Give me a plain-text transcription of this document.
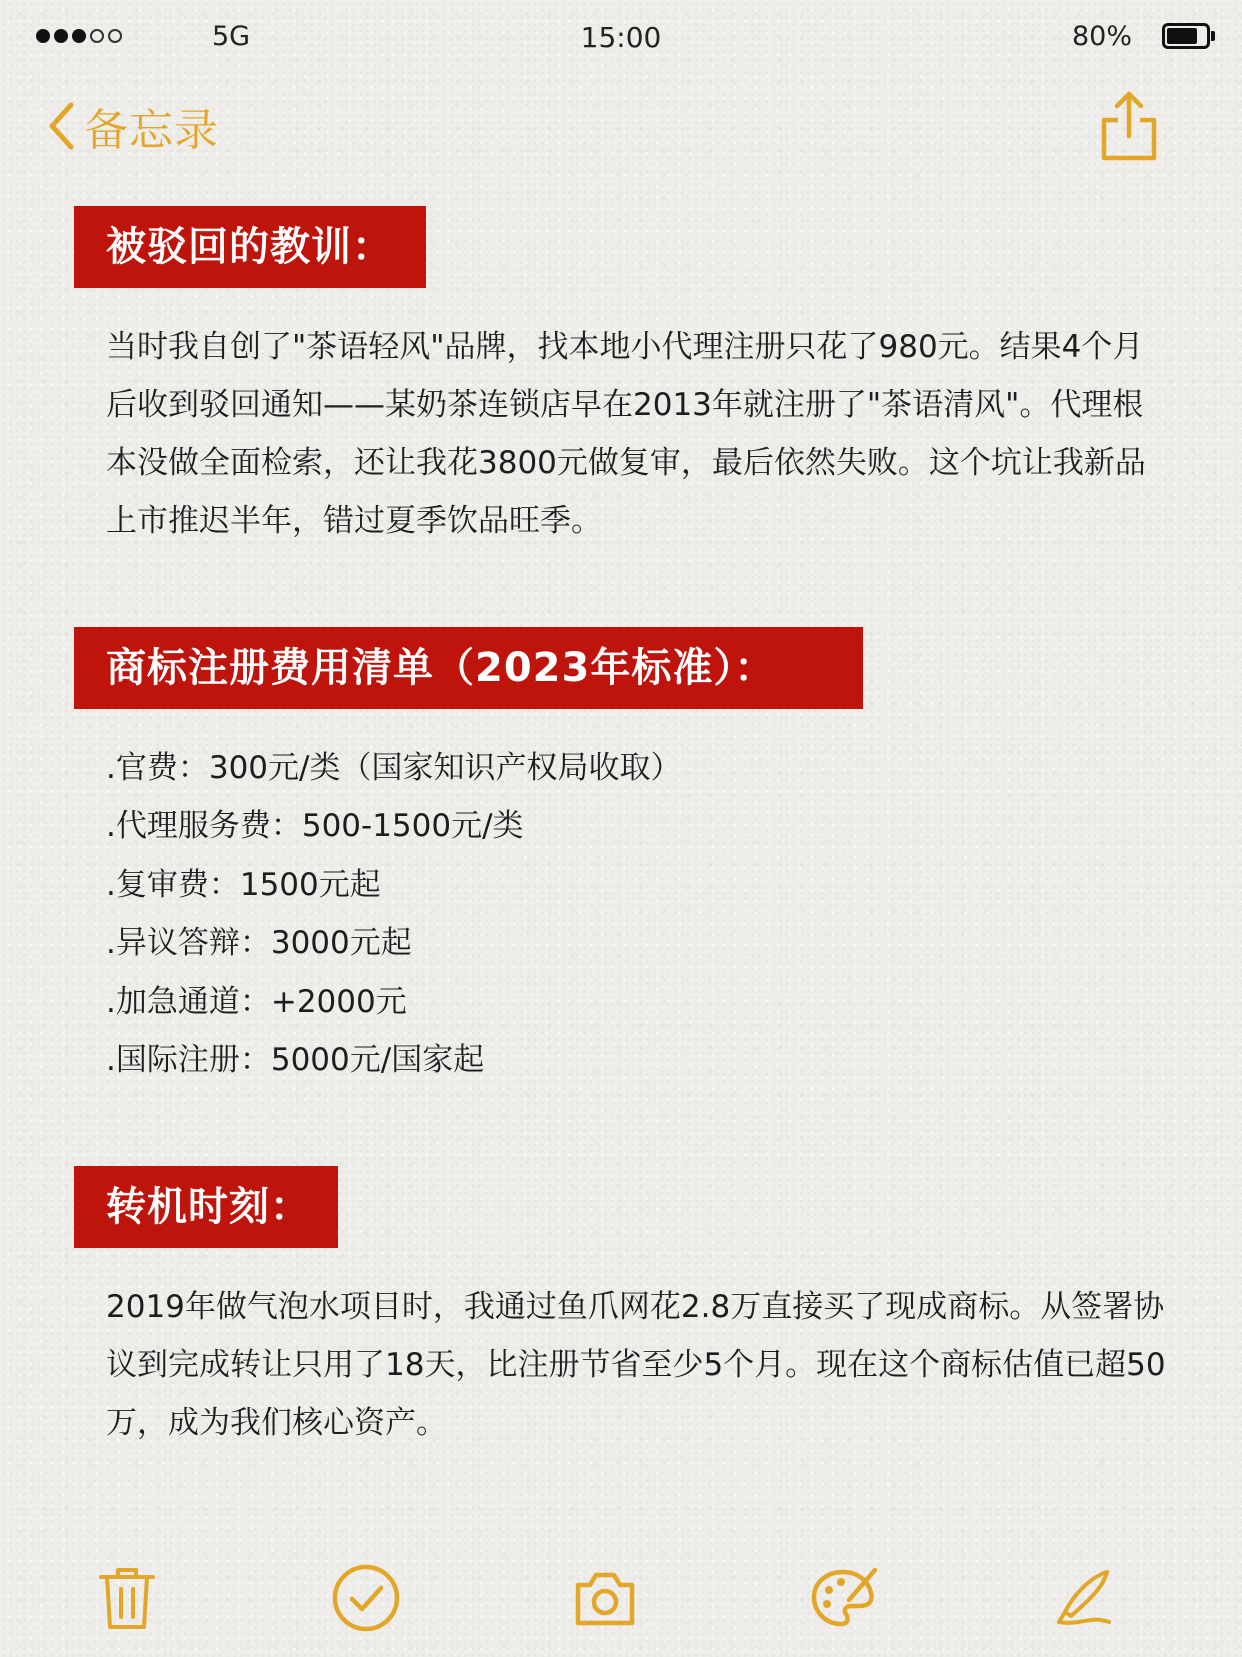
5G	15:00	80%
备忘录
被驳回的教训：

当时我自创了"茶语轻风"品牌，找本地小代理注册只花了980元。结果4个月后收到驳回通知——某奶茶连锁店早在2013年就注册了"茶语清风"。代理根本没做全面检索，还让我花3800元做复审，最后依然失败。这个坑让我新品上市推迟半年，错过夏季饮品旺季。

商标注册费用清单（2023年标准）：
.官费：300元/类（国家知识产权局收取）
.代理服务费：500-1500元/类
.复审费：1500元起
.异议答辩：3000元起
.加急通道：+2000元
.国际注册：5000元/国家起
转机时刻：

2019年做气泡水项目时，我通过鱼爪网花2.8万直接买了现成商标。从签署协议到完成转让只用了18天，比注册节省至少5个月。现在这个商标估值已超50万，成为我们核心资产。
